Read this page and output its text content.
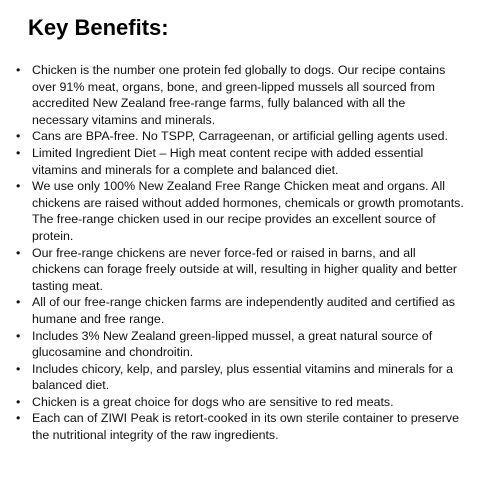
Key Benefits:
• Chicken is the number one protein fed globally to dogs. Our recipe contains
over 91% meat, organs, bone, and green-lipped mussels all sourced from
accredited New Zealand free-range farms, fully balanced with all the
necessary vitamins and minerals.
• Cans are BPA-free. No TSPP, Carrageenan, or artificial gelling agents used.
• Limited Ingredient Diet – High meat content recipe with added essential
vitamins and minerals for a complete and balanced diet.
• We use only 100% New Zealand Free Range Chicken meat and organs. All
chickens are raised without added hormones, chemicals or growth promotants.
The free-range chicken used in our recipe provides an excellent source of
protein.
• Our free-range chickens are never force-fed or raised in barns, and all
chickens can forage freely outside at will, resulting in higher quality and better
tasting meat.
• All of our free-range chicken farms are independently audited and certified as
humane and free range.
• Includes 3% New Zealand green-lipped mussel, a great natural source of
glucosamine and chondroitin.
• Includes chicory, kelp, and parsley, plus essential vitamins and minerals for a
balanced diet.
• Chicken is a great choice for dogs who are sensitive to red meats.
• Each can of ZIWI Peak is retort-cooked in its own sterile container to preserve
the nutritional integrity of the raw ingredients.
